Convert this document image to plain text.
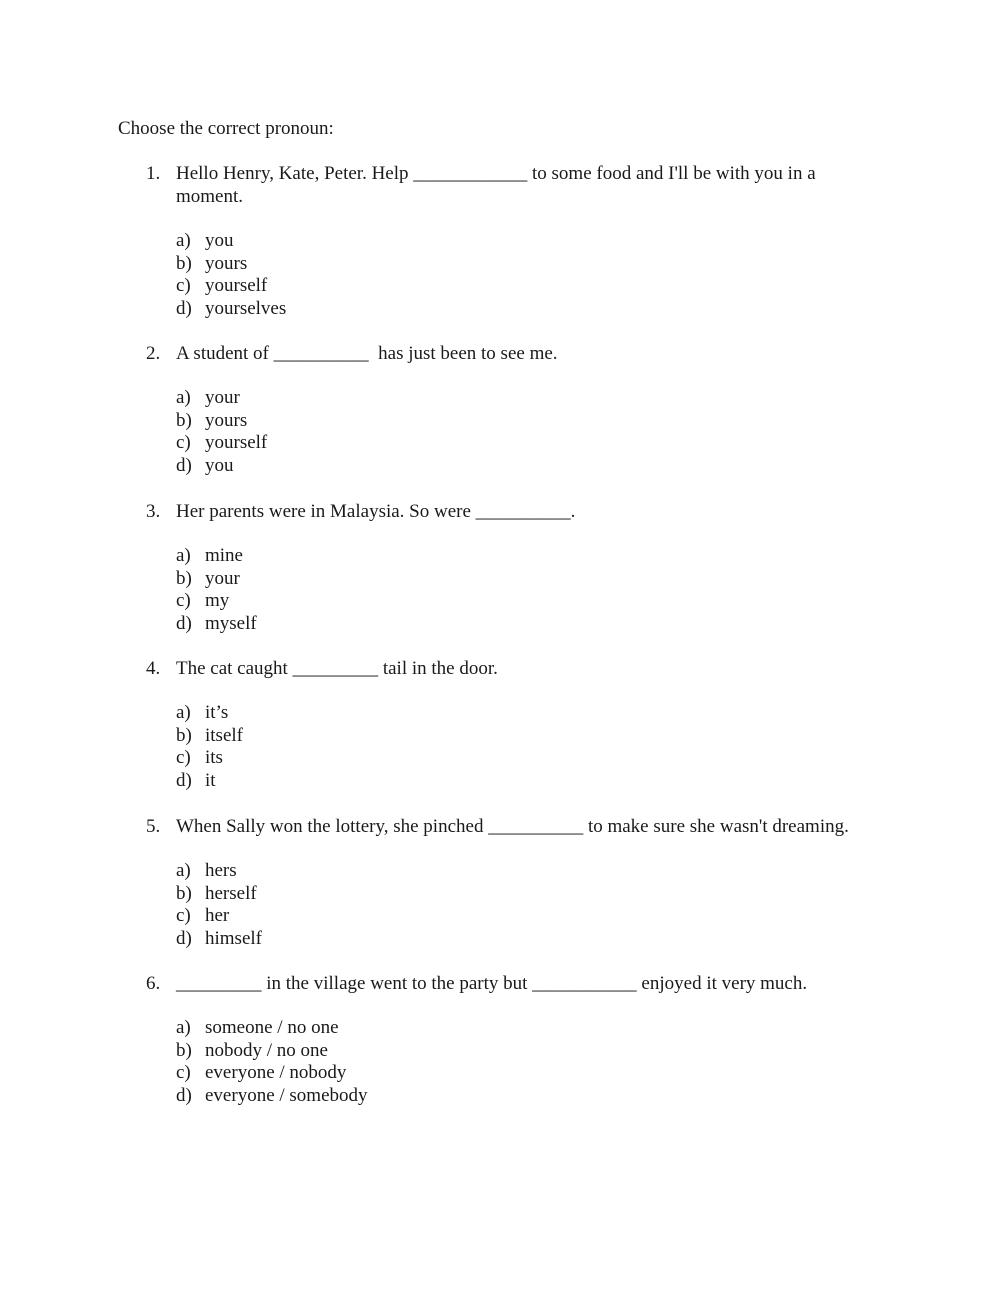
Choose the correct pronoun:

1. Hello Henry, Kate, Peter. Help ____________ to some food and I'll be with you in a moment.
a) you
b) yours
c) yourself
d) yourselves
2. A student of __________  has just been to see me.
a) your
b) yours
c) yourself
d) you
3. Her parents were in Malaysia. So were __________.
a) mine
b) your
c) my
d) myself
4. The cat caught _________ tail in the door.
a) it’s
b) itself
c) its
d) it
5. When Sally won the lottery, she pinched __________ to make sure she wasn't dreaming.
a) hers
b) herself
c) her
d) himself
6. _________ in the village went to the party but ___________ enjoyed it very much.
a) someone / no one
b) nobody / no one
c) everyone / nobody
d) everyone / somebody
